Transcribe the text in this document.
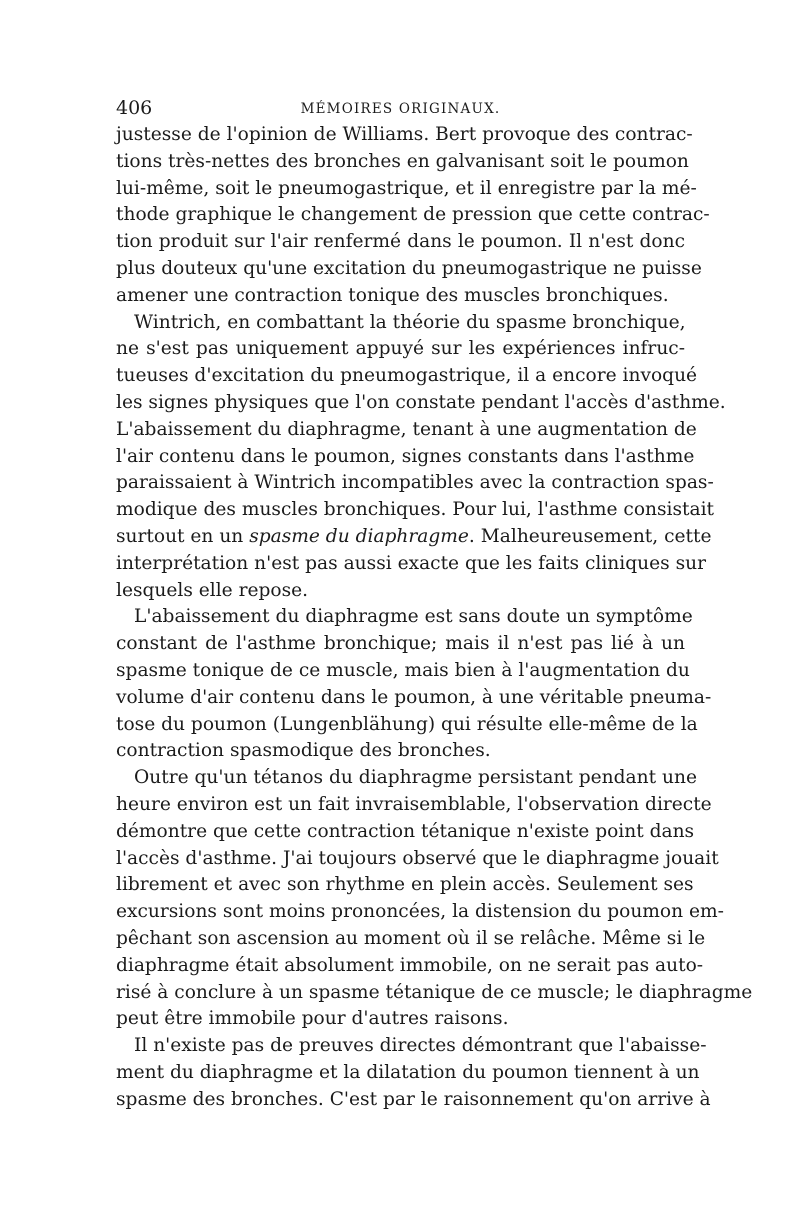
406	MÉMOIRES ORIGINAUX.
justesse de l'opinion de Williams. Bert provoque des contrac-
tions très-nettes des bronches en galvanisant soit le poumon
lui-même, soit le pneumogastrique, et il enregistre par la mé-
thode graphique le changement de pression que cette contrac-
tion produit sur l'air renfermé dans le poumon. Il n'est donc
plus douteux qu'une excitation du pneumogastrique ne puisse
amener une contraction tonique des muscles bronchiques.
Wintrich, en combattant la théorie du spasme bronchique,
ne s'est pas uniquement appuyé sur les expériences infruc-
tueuses d'excitation du pneumogastrique, il a encore invoqué
les signes physiques que l'on constate pendant l'accès d'asthme.
L'abaissement du diaphragme, tenant à une augmentation de
l'air contenu dans le poumon, signes constants dans l'asthme
paraissaient à Wintrich incompatibles avec la contraction spas-
modique des muscles bronchiques. Pour lui, l'asthme consistait
surtout en un spasme du diaphragme. Malheureusement, cette
interprétation n'est pas aussi exacte que les faits cliniques sur
lesquels elle repose.
L'abaissement du diaphragme est sans doute un symptôme
constant de l'asthme bronchique; mais il n'est pas lié à un
spasme tonique de ce muscle, mais bien à l'augmentation du
volume d'air contenu dans le poumon, à une véritable pneuma-
tose du poumon (Lungenblähung) qui résulte elle-même de la
contraction spasmodique des bronches.
Outre qu'un tétanos du diaphragme persistant pendant une
heure environ est un fait invraisemblable, l'observation directe
démontre que cette contraction tétanique n'existe point dans
l'accès d'asthme. J'ai toujours observé que le diaphragme jouait
librement et avec son rhythme en plein accès. Seulement ses
excursions sont moins prononcées, la distension du poumon em-
pêchant son ascension au moment où il se relâche. Même si le
diaphragme était absolument immobile, on ne serait pas auto-
risé à conclure à un spasme tétanique de ce muscle; le diaphragme
peut être immobile pour d'autres raisons.
Il n'existe pas de preuves directes démontrant que l'abaisse-
ment du diaphragme et la dilatation du poumon tiennent à un
spasme des bronches. C'est par le raisonnement qu'on arrive à
